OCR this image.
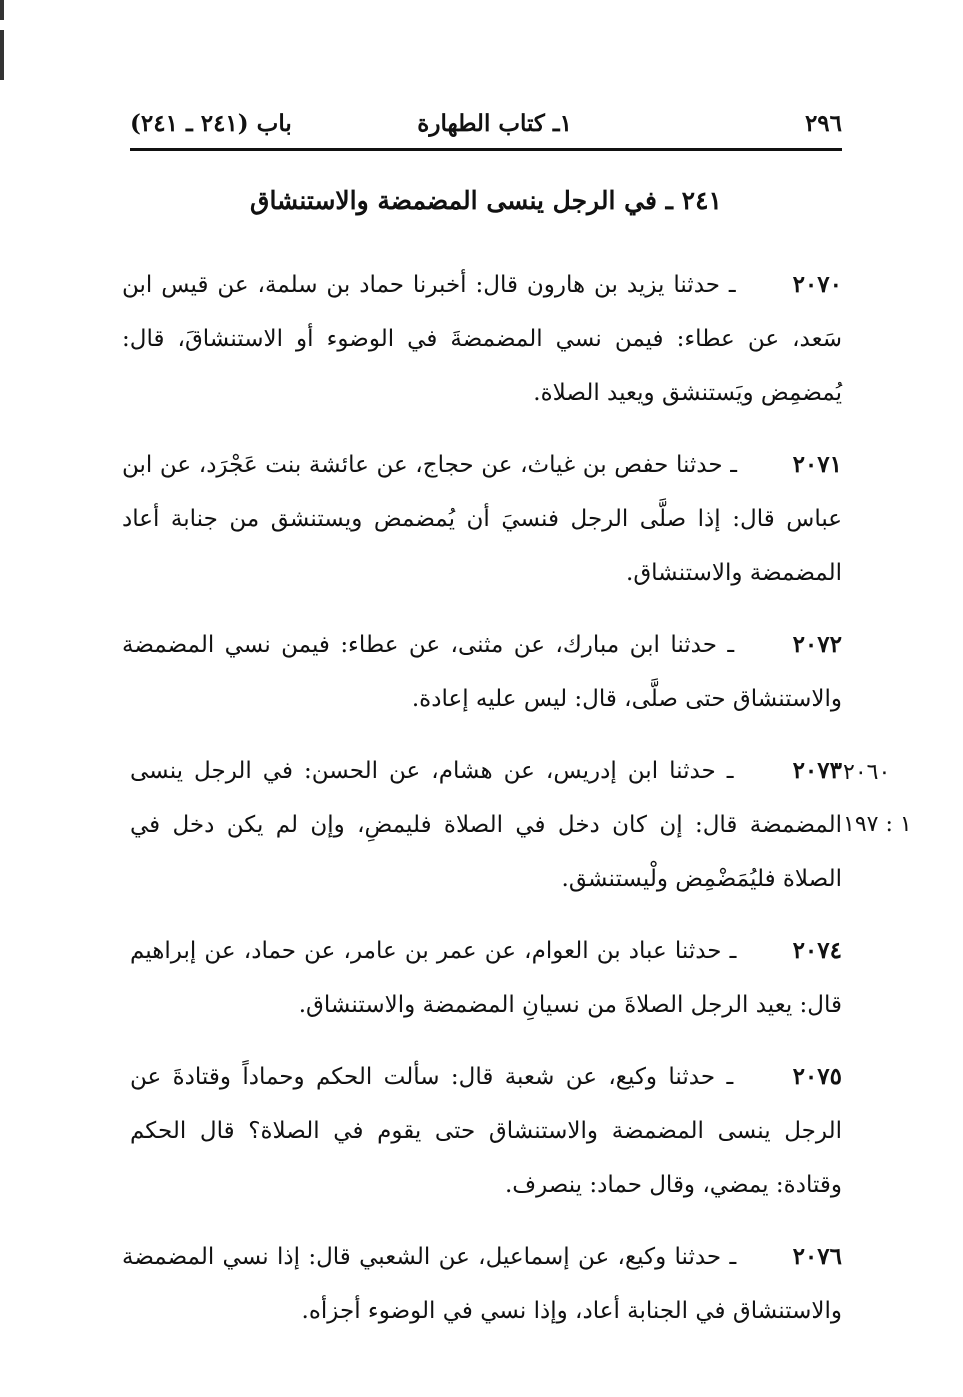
٢٩٦
١ـ كتاب الطهارة
باب (٢٤١ ـ ٢٤١)
٢٤١ ـ في الرجل ينسى المضمضة والاستنشاق

٢٠٧٠ ـ حدثنا يزيد بن هارون قال: أخبرنا حماد بن سلمة، عن قيس ابن سَعد، عن عطاء: فيمن نسي المضمضةَ في الوضوء أو الاستنشاقَ، قال: يُمضمِض ويَستنشق ويعيد الصلاة.

٢٠٧١ ـ حدثنا حفص بن غياث، عن حجاج، عن عائشة بنت عَجْرَد، عن ابن عباس قال: إذا صلَّى الرجل فنسيَ أن يُمضمض ويستنشق من جنابة أعاد المضمضة والاستنشاق.

٢٠٧٢ ـ حدثنا ابن مبارك، عن مثنى، عن عطاء: فيمن نسي المضمضة والاستنشاق حتى صلَّى، قال: ليس عليه إعادة.

٢٠٧٣ ـ حدثنا ابن إدريس، عن هشام، عن الحسن: في الرجل ينسى المضمضة قال: إن كان دخل في الصلاة فليمضِ، وإن لم يكن دخل في الصلاة فليُمَضْمِض ولْيستنشق.

٢٠٧٤ ـ حدثنا عباد بن العوام، عن عمر بن عامر، عن حماد، عن إبراهيم قال: يعيد الرجل الصلاةَ من نسيانِ المضمضة والاستنشاق.

٢٠٧٥ ـ حدثنا وكيع، عن شعبة قال: سألت الحكم وحماداً وقتادةَ عن الرجل ينسى المضمضة والاستنشاق حتى يقوم في الصلاة؟ قال الحكم وقتادة: يمضي، وقال حماد: ينصرف.

٢٠٧٦ ـ حدثنا وكيع، عن إسماعيل، عن الشعبي قال: إذا نسي المضمضة والاستنشاق في الجنابة أعاد، وإذا نسي في الوضوء أجزأه.

٢٠٦٠
١ : ١٩٧
